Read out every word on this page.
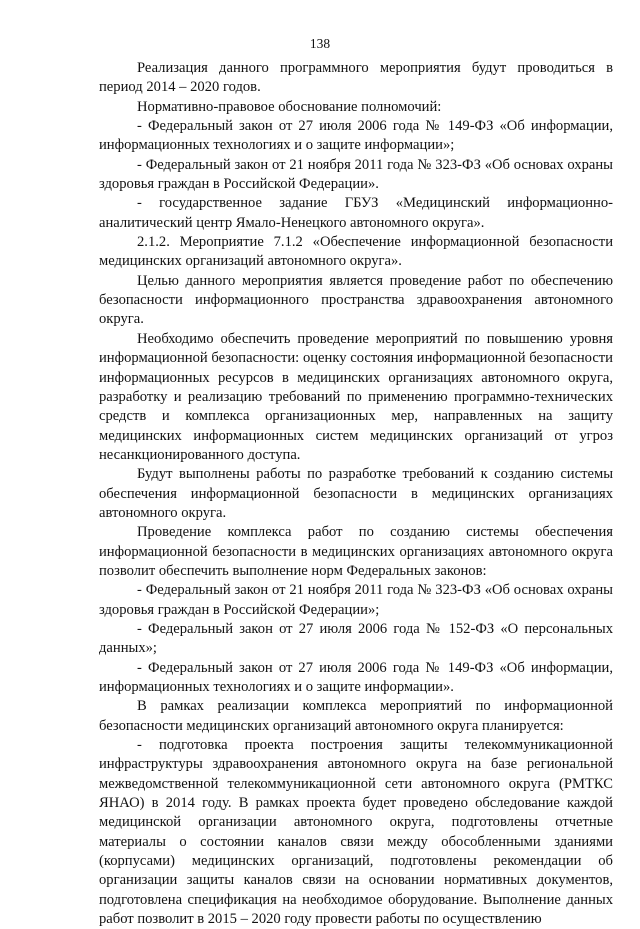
138

Реализация данного программного мероприятия будут проводиться в период 2014 – 2020 годов.

Нормативно-правовое обоснование полномочий:

- Федеральный закон от 27 июля 2006 года № 149-ФЗ «Об информации, информационных технологиях и о защите информации»;

- Федеральный закон от 21 ноября 2011 года № 323-ФЗ «Об основах охраны здоровья граждан в Российской Федерации».

- государственное задание ГБУЗ «Медицинский информационно-аналитический центр Ямало-Ненецкого автономного округа».

2.1.2. Мероприятие 7.1.2 «Обеспечение информационной безопасности медицинских организаций автономного округа».

Целью данного мероприятия является проведение работ по обеспечению безопасности информационного пространства здравоохранения автономного округа.

Необходимо обеспечить проведение мероприятий по повышению уровня информационной безопасности: оценку состояния информационной безопасности информационных ресурсов в медицинских организациях автономного округа, разработку и реализацию требований по применению программно-технических средств и комплекса организационных мер, направленных на защиту медицинских информационных систем медицинских организаций от угроз несанкционированного доступа.

Будут выполнены работы по разработке требований к созданию системы обеспечения информационной безопасности в медицинских организациях автономного округа.

Проведение комплекса работ по созданию системы обеспечения информационной безопасности в медицинских организациях автономного округа позволит обеспечить выполнение норм Федеральных законов:

- Федеральный закон от 21 ноября 2011 года № 323-ФЗ «Об основах охраны здоровья граждан в Российской Федерации»;

- Федеральный закон от 27 июля 2006 года № 152-ФЗ «О персональных данных»;

- Федеральный закон от 27 июля 2006 года № 149-ФЗ «Об информации, информационных технологиях и о защите информации».

В рамках реализации комплекса мероприятий по информационной безопасности медицинских организаций автономного округа планируется:

- подготовка проекта построения защиты телекоммуникационной инфраструктуры здравоохранения автономного округа на базе региональной межведомственной телекоммуникационной сети автономного округа (РМТКС ЯНАО) в 2014 году. В рамках проекта будет проведено обследование каждой медицинской организации автономного округа, подготовлены отчетные материалы о состоянии каналов связи между обособленными зданиями (корпусами) медицинских организаций, подготовлены рекомендации об организации защиты каналов связи на основании нормативных документов, подготовлена спецификация на необходимое оборудование. Выполнение данных работ позволит в 2015 – 2020 году провести работы по осуществлению
